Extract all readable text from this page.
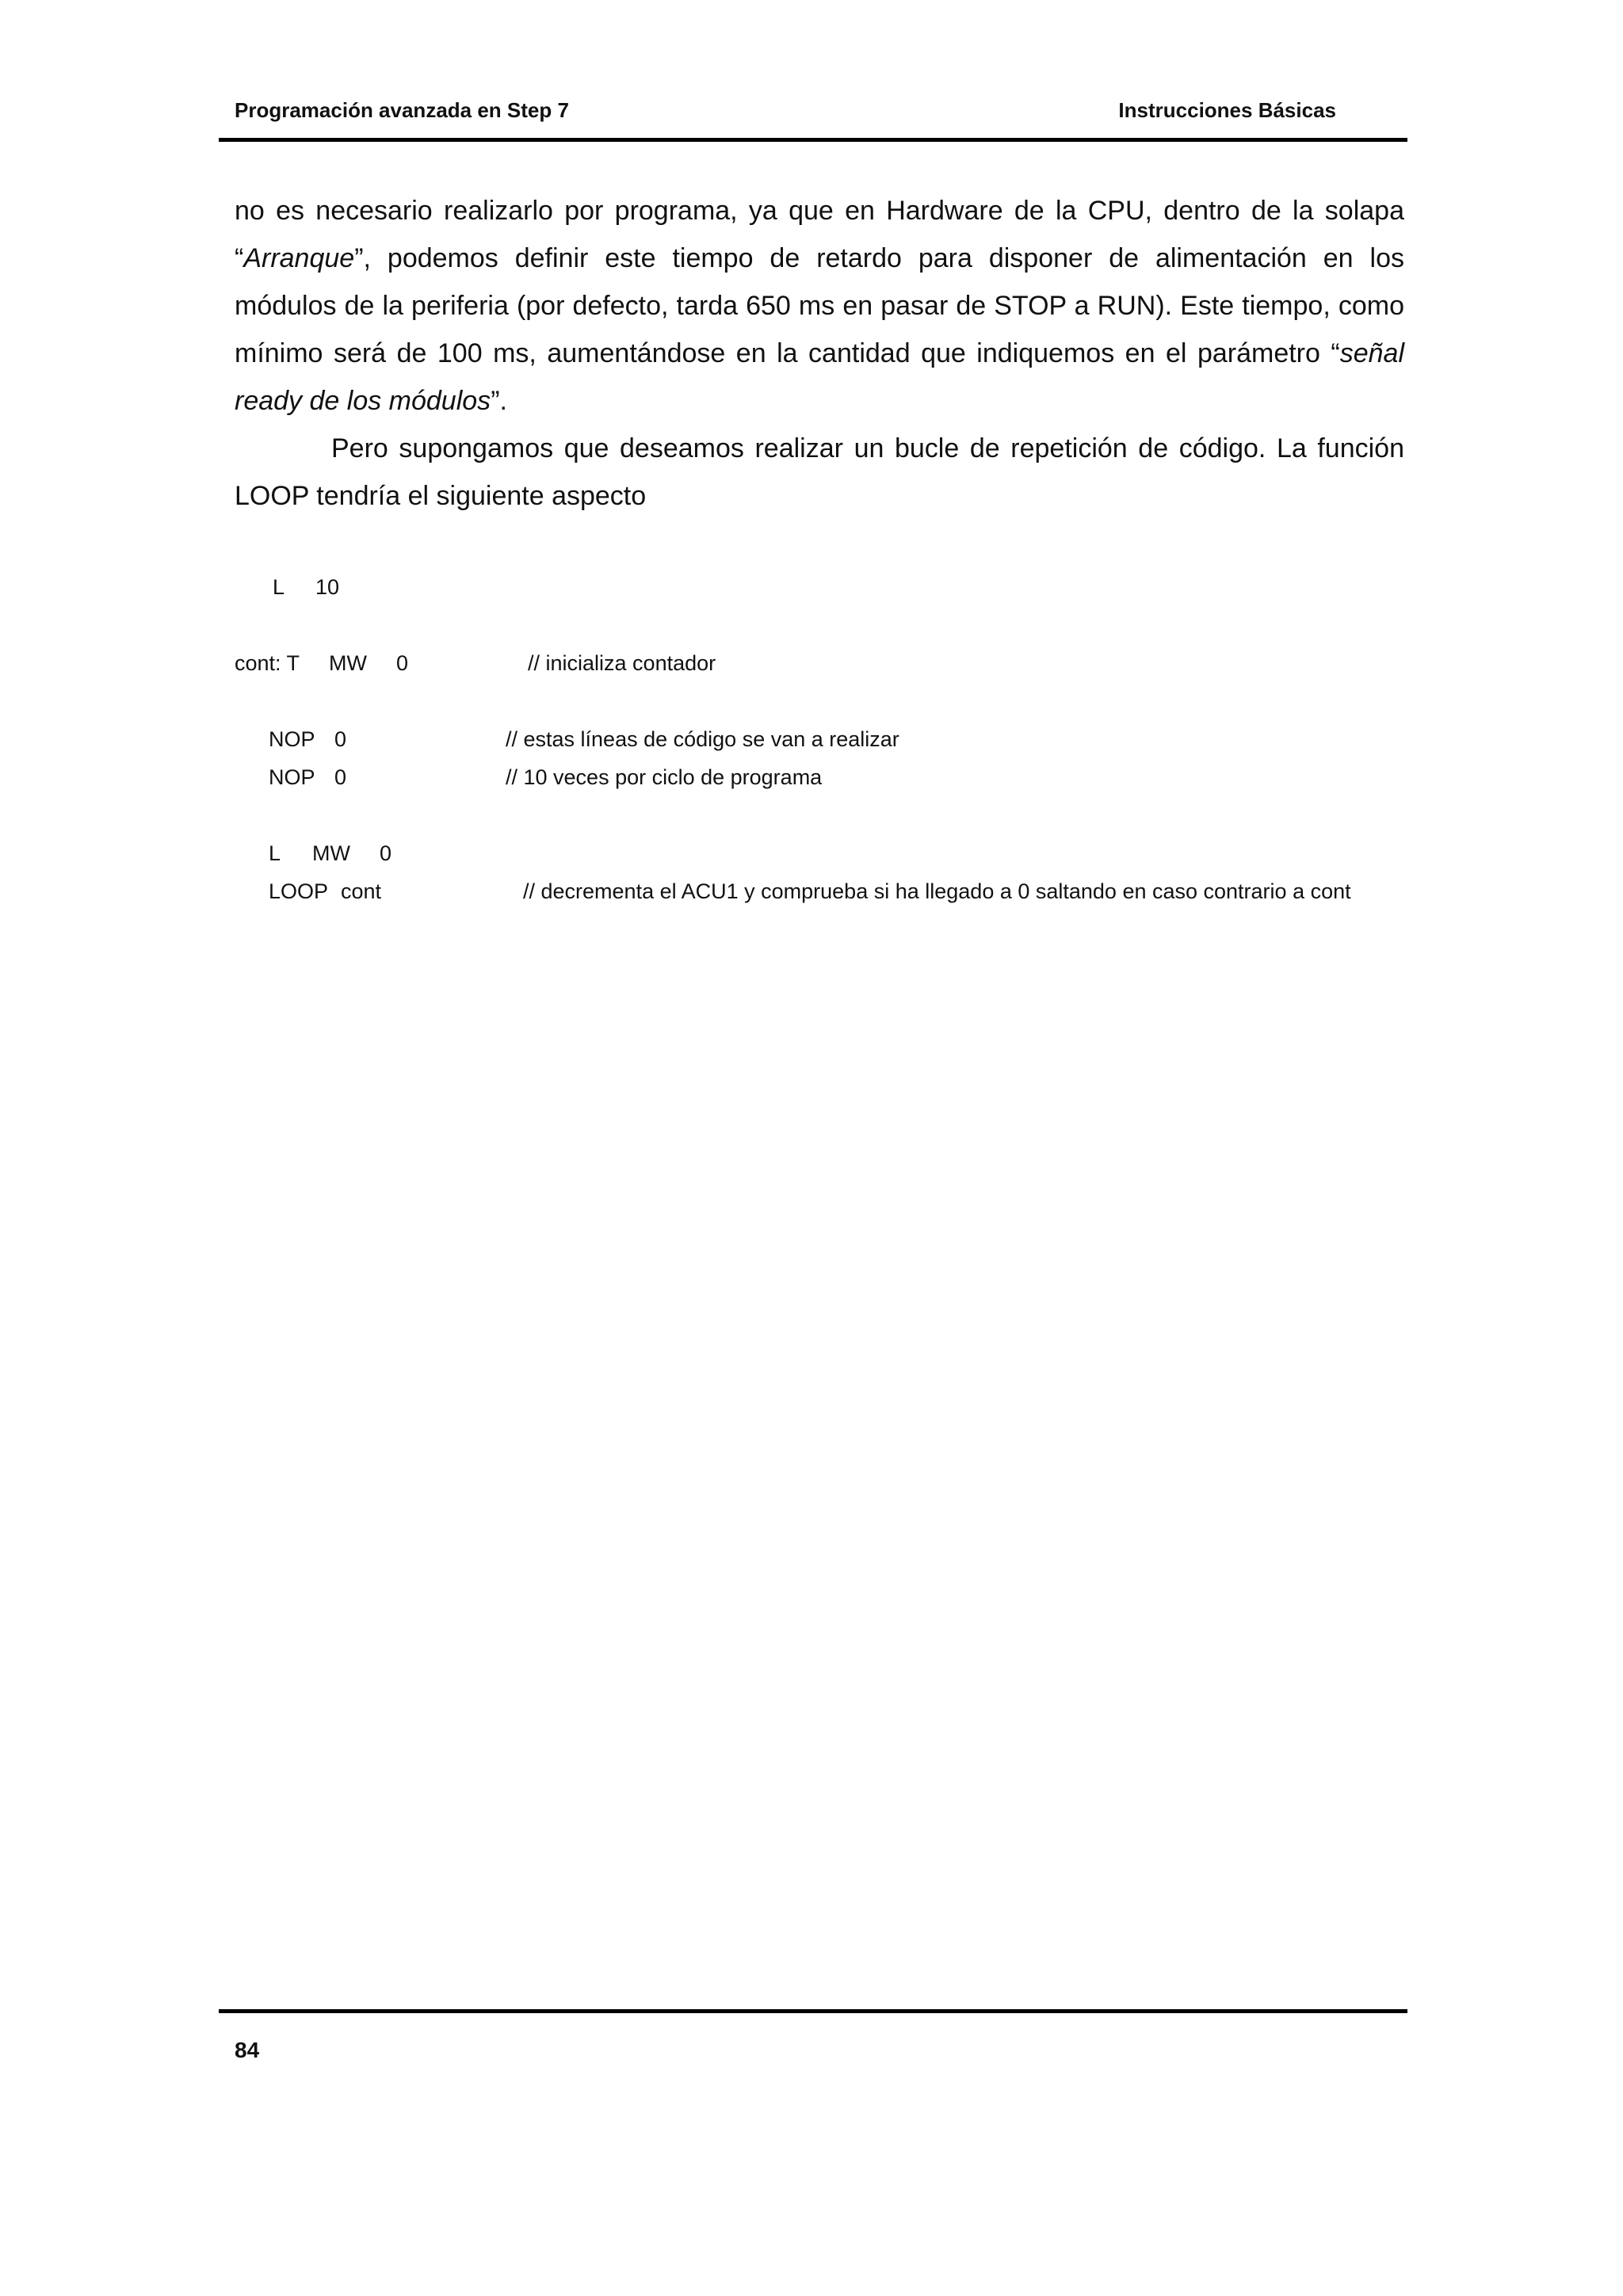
Programación avanzada en Step 7	Instrucciones Básicas

no es necesario realizarlo por programa, ya que en Hardware de la CPU, dentro de la solapa “Arranque”, podemos definir este tiempo de retardo para disponer de alimentación en los módulos de la periferia (por defecto, tarda 650 ms en pasar de STOP a RUN). Este tiempo, como mínimo será de 100 ms, aumentándose en la cantidad que indiquemos en el parámetro “señal ready de los módulos”.

Pero supongamos que deseamos realizar un bucle de repetición de código. La función LOOP tendría el siguiente aspecto

L 10
cont: T MW 0	// inicializa contador
NOP 0	// estas líneas de código se van a realizar
NOP 0	// 10 veces por ciclo de programa
L MW 0
LOOP cont	// decrementa el ACU1 y comprueba si ha llegado a 0 saltando en caso contrario a cont
84
